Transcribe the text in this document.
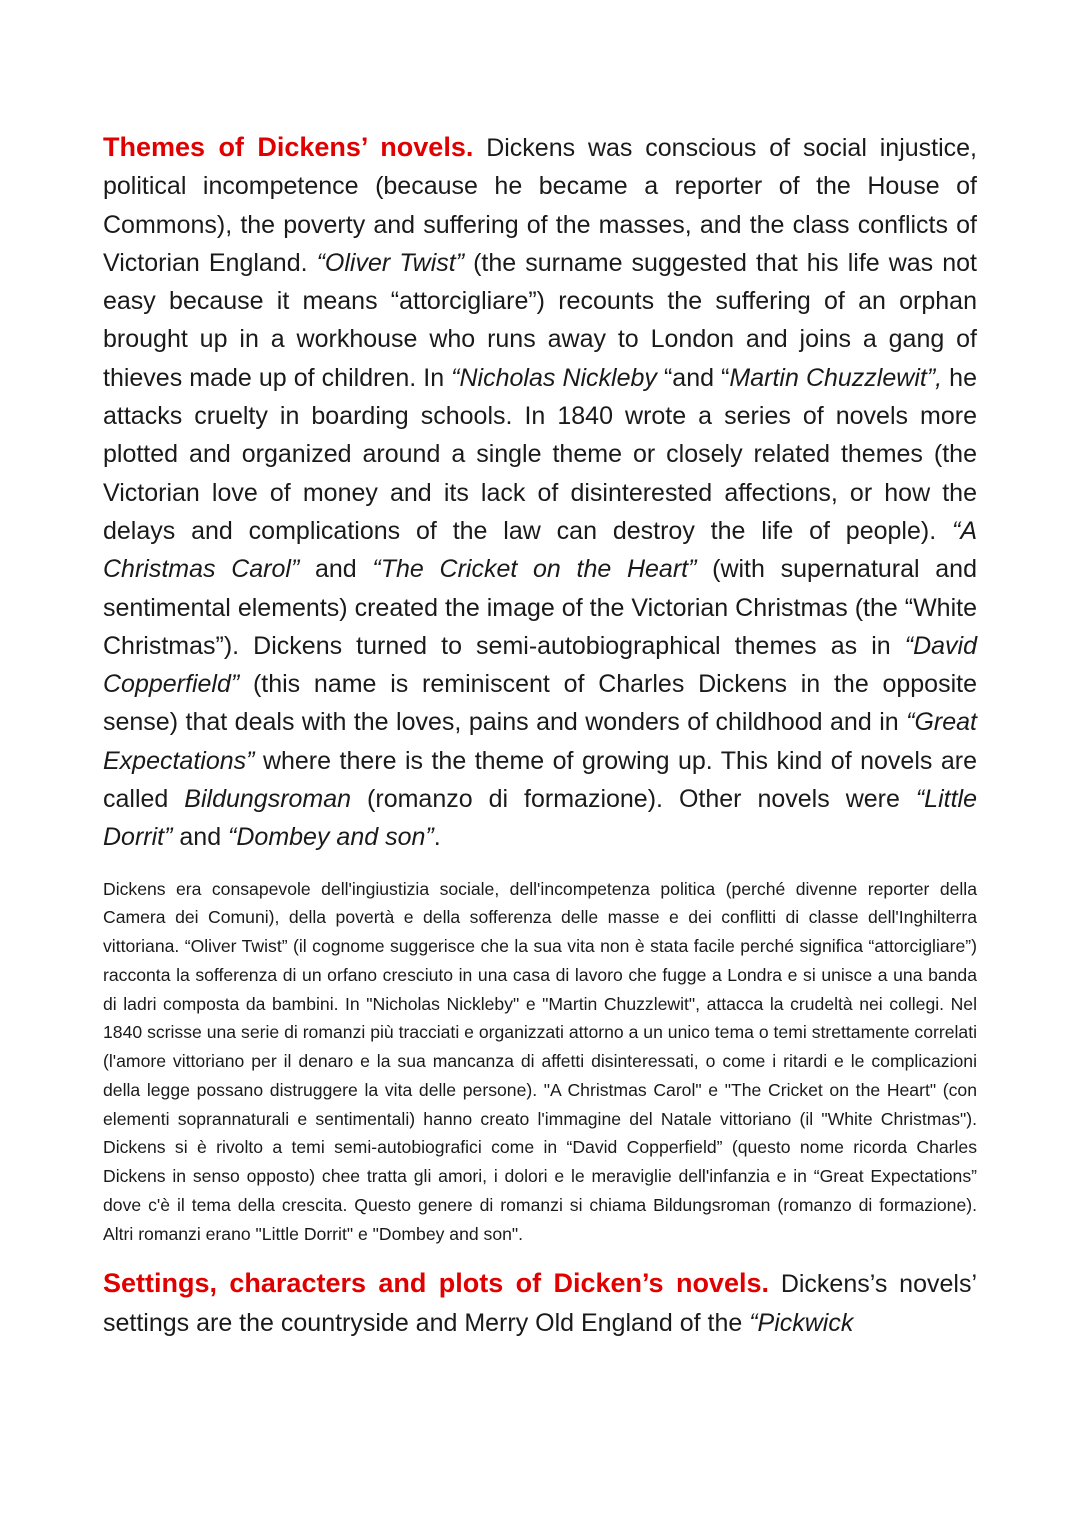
Themes of Dickens’ novels. Dickens was conscious of social injustice, political incompetence (because he became a reporter of the House of Commons), the poverty and suffering of the masses, and the class conflicts of Victorian England. “Oliver Twist” (the surname suggested that his life was not easy because it means “attorcigliare”) recounts the suffering of an orphan brought up in a workhouse who runs away to London and joins a gang of thieves made up of children. In “Nicholas Nickleby “and “Martin Chuzzlewit”, he attacks cruelty in boarding schools. In 1840 wrote a series of novels more plotted and organized around a single theme or closely related themes (the Victorian love of money and its lack of disinterested affections, or how the delays and complications of the law can destroy the life of people). “A Christmas Carol” and “The Cricket on the Heart” (with supernatural and sentimental elements) created the image of the Victorian Christmas (the “White Christmas”). Dickens turned to semi-autobiographical themes as in “David Copperfield” (this name is reminiscent of Charles Dickens in the opposite sense) that deals with the loves, pains and wonders of childhood and in “Great Expectations” where there is the theme of growing up. This kind of novels are called Bildungsroman (romanzo di formazione). Other novels were “Little Dorrit” and “Dombey and son”.

Dickens era consapevole dell'ingiustizia sociale, dell'incompetenza politica (perché divenne reporter della Camera dei Comuni), della povertà e della sofferenza delle masse e dei conflitti di classe dell'Inghilterra vittoriana. “Oliver Twist” (il cognome suggerisce che la sua vita non è stata facile perché significa “attorcigliare”) racconta la sofferenza di un orfano cresciuto in una casa di lavoro che fugge a Londra e si unisce a una banda di ladri composta da bambini. In "Nicholas Nickleby" e "Martin Chuzzlewit", attacca la crudeltà nei collegi. Nel 1840 scrisse una serie di romanzi più tracciati e organizzati attorno a un unico tema o temi strettamente correlati (l'amore vittoriano per il denaro e la sua mancanza di affetti disinteressati, o come i ritardi e le complicazioni della legge possano distruggere la vita delle persone). "A Christmas Carol" e "The Cricket on the Heart" (con elementi soprannaturali e sentimentali) hanno creato l'immagine del Natale vittoriano (il "White Christmas"). Dickens si è rivolto a temi semi-autobiografici come in “David Copperfield” (questo nome ricorda Charles Dickens in senso opposto) chee tratta gli amori, i dolori e le meraviglie dell'infanzia e in “Great Expectations” dove c'è il tema della crescita. Questo genere di romanzi si chiama Bildungsroman (romanzo di formazione). Altri romanzi erano "Little Dorrit" e "Dombey and son".

Settings, characters and plots of Dicken’s novels. Dickens’s novels’ settings are the countryside and Merry Old England of the “Pickwick
